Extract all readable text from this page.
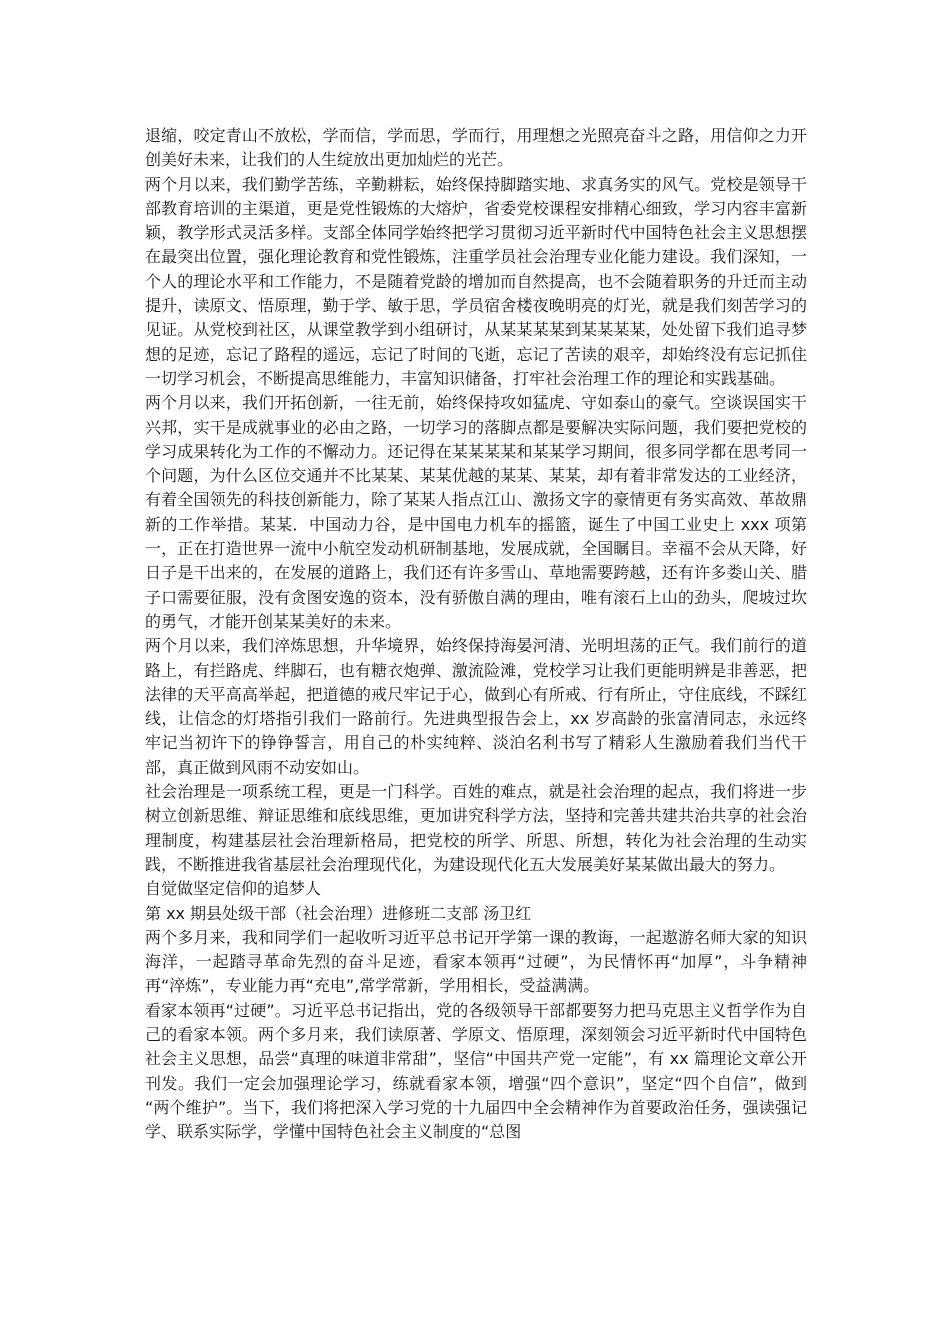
退缩，咬定青山不放松，学而信，学而思，学而行，用理想之光照亮奋斗之路，用信仰之力开创美好未来，让我们的人生绽放出更加灿烂的光芒。

两个月以来，我们勤学苦练，辛勤耕耘，始终保持脚踏实地、求真务实的风气。党校是领导干部教育培训的主渠道，更是党性锻炼的大熔炉，省委党校课程安排精心细致，学习内容丰富新颖，教学形式灵活多样。支部全体同学始终把学习贯彻习近平新时代中国特色社会主义思想摆在最突出位置，强化理论教育和党性锻炼，注重学员社会治理专业化能力建设。我们深知，一个人的理论水平和工作能力，不是随着党龄的增加而自然提高，也不会随着职务的升迁而主动提升，读原文、悟原理，勤于学、敏于思，学员宿舍楼夜晚明亮的灯光，就是我们刻苦学习的见证。从党校到社区，从课堂教学到小组研讨，从某某某某到某某某某，处处留下我们追寻梦想的足迹，忘记了路程的遥远，忘记了时间的飞逝，忘记了苦读的艰辛，却始终没有忘记抓住一切学习机会，不断提高思维能力，丰富知识储备，打牢社会治理工作的理论和实践基础。

两个月以来，我们开拓创新，一往无前，始终保持攻如猛虎、守如泰山的豪气。空谈误国实干兴邦，实干是成就事业的必由之路，一切学习的落脚点都是要解决实际问题，我们要把党校的学习成果转化为工作的不懈动力。还记得在某某某某和某某学习期间，很多同学都在思考同一个问题，为什么区位交通并不比某某、某某优越的某某、某某，却有着非常发达的工业经济，有着全国领先的科技创新能力，除了某某人指点江山、激扬文字的豪情更有务实高效、革故鼎新的工作举措。某某．中国动力谷，是中国电力机车的摇篮，诞生了中国工业史上 xxx 项第一，正在打造世界一流中小航空发动机研制基地，发展成就，全国瞩目。幸福不会从天降，好日子是干出来的，在发展的道路上，我们还有许多雪山、草地需要跨越，还有许多娄山关、腊子口需要征服，没有贪图安逸的资本，没有骄傲自满的理由，唯有滚石上山的劲头，爬坡过坎的勇气，才能开创某某美好的未来。

两个月以来，我们淬炼思想，升华境界，始终保持海晏河清、光明坦荡的正气。我们前行的道路上，有拦路虎、绊脚石，也有糖衣炮弹、激流险滩，党校学习让我们更能明辨是非善恶，把法律的天平高高举起，把道德的戒尺牢记于心，做到心有所戒、行有所止，守住底线，不踩红线，让信念的灯塔指引我们一路前行。先进典型报告会上，xx 岁高龄的张富清同志，永远终牢记当初许下的铮铮誓言，用自己的朴实纯粹、淡泊名利书写了精彩人生激励着我们当代干部，真正做到风雨不动安如山。

社会治理是一项系统工程，更是一门科学。百姓的难点，就是社会治理的起点，我们将进一步树立创新思维、辩证思维和底线思维，更加讲究科学方法，坚持和完善共建共治共享的社会治理制度，构建基层社会治理新格局，把党校的所学、所思、所想，转化为社会治理的生动实践，不断推进我省基层社会治理现代化，为建设现代化五大发展美好某某做出最大的努力。

自觉做坚定信仰的追梦人

第 xx 期县处级干部（社会治理）进修班二支部 汤卫红

两个多月来，我和同学们一起收听习近平总书记开学第一课的教诲，一起遨游名师大家的知识海洋，一起踏寻革命先烈的奋斗足迹，看家本领再“过硬”，为民情怀再“加厚”，斗争精神再“淬炼”，专业能力再“充电”,常学常新，学用相长，受益满满。

看家本领再“过硬”。习近平总书记指出，党的各级领导干部都要努力把马克思主义哲学作为自己的看家本领。两个多月来，我们读原著、学原文、悟原理，深刻领会习近平新时代中国特色社会主义思想，品尝“真理的味道非常甜”，坚信“中国共产党一定能”，有 xx 篇理论文章公开刊发。我们一定会加强理论学习，练就看家本领，增强“四个意识”，坚定“四个自信”，做到 “两个维护”。当下，我们将把深入学习党的十九届四中全会精神作为首要政治任务，强读强记学、联系实际学，学懂中国特色社会主义制度的“总图
